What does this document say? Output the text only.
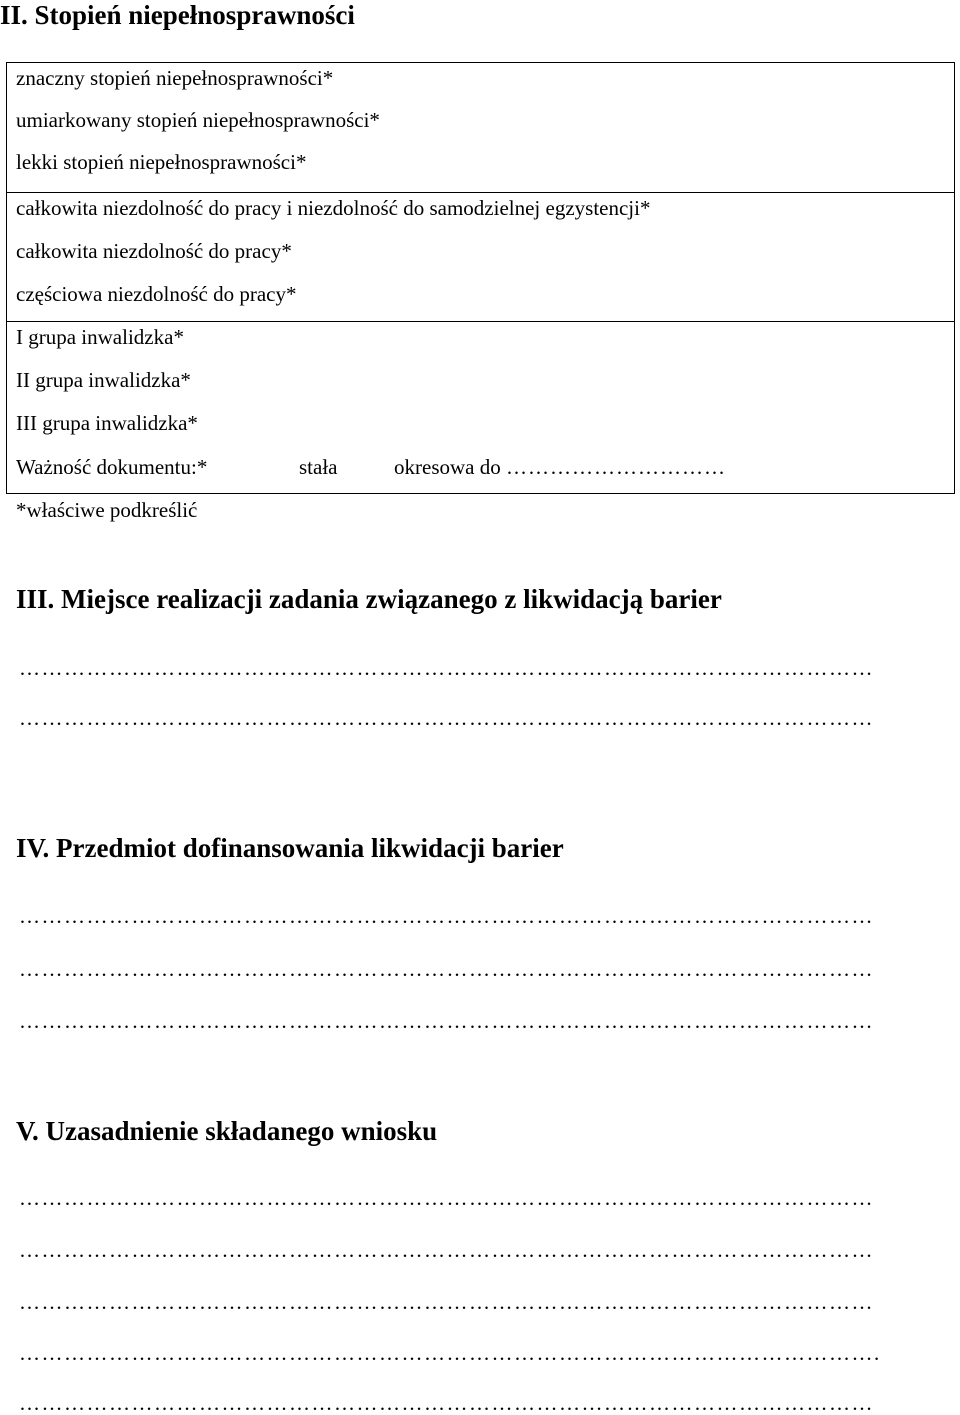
II. Stopień niepełnosprawności
znaczny stopień niepełnosprawności*
umiarkowany stopień niepełnosprawności*
lekki stopień niepełnosprawności*
całkowita niezdolność do pracy i niezdolność do samodzielnej egzystencji*
całkowita niezdolność do pracy*
częściowa niezdolność do pracy*
I grupa inwalidzka*
II grupa inwalidzka*
III grupa inwalidzka*
Ważność dokumentu:*	stała	okresowa do …………………………
*właściwe podkreślić
III. Miejsce realizacji zadania związanego z likwidacją barier
……………………………………………………………………………………………………
……………………………………………………………………………………………………
IV. Przedmiot dofinansowania likwidacji barier
……………………………………………………………………………………………………
……………………………………………………………………………………………………
……………………………………………………………………………………………………
V. Uzasadnienie składanego wniosku
……………………………………………………………………………………………………
……………………………………………………………………………………………………
……………………………………………………………………………………………………
…………………………………………………………………………………………………….
……………………………………………………………………………………………………
